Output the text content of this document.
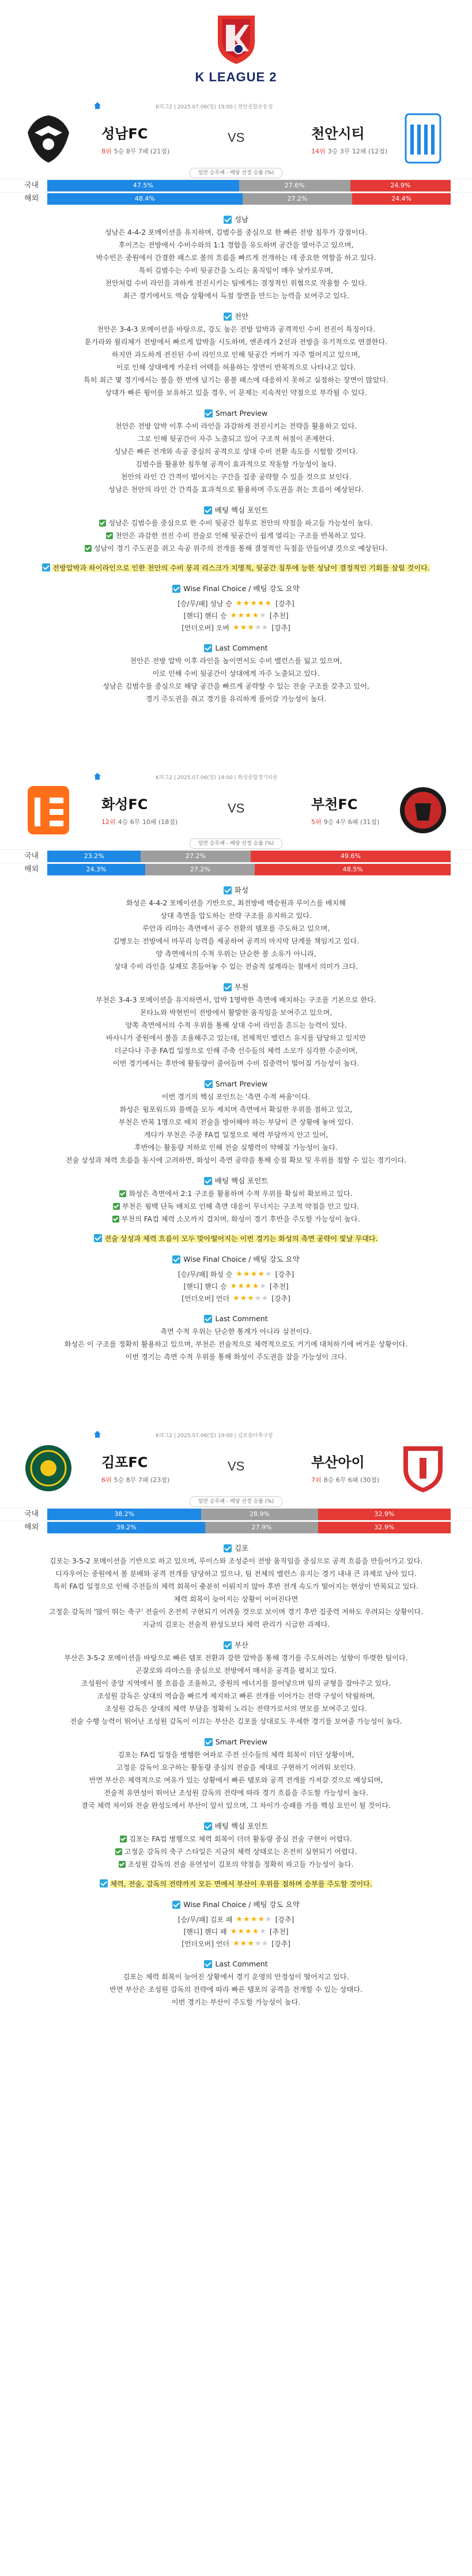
K LEAGUE 2
K리그2 | 2025.07.06(일) 19:00 | 천안종합운동장
성남FC
8위 5승 8무 7패 (21점)
VS	천안시티
14위 3승 3무 12패 (12점)
일반 승무패 - 배당 산정 승률 (%)
국내	47.5%	27.6%	24.9%
해외	48.4%	27.2%	24.4%
성남

성남은 4-4-2 포메이션을 유지하며, 김범수를 중심으로 한 빠른 전방 침투가 강점이다.

후이즈는 전방에서 수비수와의 1:1 경합을 유도하며 공간을 열어주고 있으며,

박수빈은 중원에서 간결한 패스로 볼의 흐름을 빠르게 전개하는 데 중요한 역할을 하고 있다.

특히 김범수는 수비 뒷공간을 노리는 움직임이 매우 날카로우며,

천안처럼 수비 라인을 과하게 전진시키는 팀에게는 결정적인 위협으로 작용할 수 있다.

최근 경기에서도 역습 상황에서 득점 장면을 만드는 능력을 보여주고 있다.

천안

천안은 3-4-3 포메이션을 바탕으로, 강도 높은 전방 압박과 공격적인 수비 전진이 특징이다.

툰가라와 윌리체가 전방에서 빠르게 압박을 시도하며, 엔존레가 2선과 전방을 유기적으로 연결한다.

하지만 과도하게 전진된 수비 라인으로 인해 뒷공간 커버가 자주 벌어지고 있으며,

이로 인해 상대에게 카운터 어택을 허용하는 장면이 반복적으로 나타나고 있다.

특히 최근 몇 경기에서는 볼을 한 번에 넘기는 롱볼 패스에 대응하지 못하고 실점하는 장면이 많았다.

상대가 빠른 윙어를 보유하고 있을 경우, 이 문제는 지속적인 약점으로 부각될 수 있다.

Smart Preview

천안은 전방 압박 이후 수비 라인을 과감하게 전진시키는 전략을 활용하고 있다.

그로 인해 뒷공간이 자주 노출되고 있어 구조적 허점이 존재한다.

성남은 빠른 전개와 속공 중심의 공격으로 상대 수비 전환 속도를 시험할 것이다.

김범수를 활용한 침투형 공격이 효과적으로 작동할 가능성이 높다.

천안의 라인 간 간격이 벌어지는 구간을 집중 공략할 수 있을 것으로 보인다.

성남은 천안의 라인 간 간격을 효과적으로 활용하며 주도권을 쥐는 흐름이 예상된다.

배팅 핵심 포인트

성남은 김범수를 중심으로 한 수비 뒷공간 침투로 천안의 약점을 파고들 가능성이 높다.

천안은 과감한 전진 수비 전술로 인해 뒷공간이 쉽게 열리는 구조를 반복하고 있다.

성남이 경기 주도권을 쥐고 속공 위주의 전개를 통해 결정적인 득점을 만들어낼 것으로 예상된다.

전방압박과 하이라인으로 인한 천안의 수비 붕괴 리스크가 치명적, 뒷공간 침투에 능한 성남이 결정적인 기회를 살릴 것이다.
Wise Final Choice / 배팅 강도 요약
[승/무/패] 성남 승 ★★★★★ [강추]
[핸디] 핸디 승 ★★★★★ [추천]
[언더오버] 오버 ★★★★★ [강추]
Last Comment

천안은 전방 압박 이후 라인을 높이면서도 수비 밸런스를 잃고 있으며,

이로 인해 수비 뒷공간이 상대에게 자주 노출되고 있다.

성남은 김범수를 중심으로 해당 공간을 빠르게 공략할 수 있는 전술 구조를 갖추고 있어,

경기 주도권을 쥐고 경기를 유리하게 풀어갈 가능성이 높다.

K리그2 | 2025.07.06(일) 19:00 | 화성종합경기타운
화성FC
12위 4승 6무 10패 (18점)
VS	부천FC
5위 9승 4무 6패 (31점)
일반 승무패 - 배당 산정 승률 (%)
국내	23.2%	27.2%	49.6%
해외	24.3%	27.2%	48.5%
화성

화성은 4-4-2 포메이션을 기반으로, 최전방에 백승원과 루이스를 배치해

상대 측면을 압도하는 전략 구조를 유지하고 있다.

루안과 리마는 측면에서 공수 전환의 템포를 주도하고 있으며,

김병오는 전방에서 마무리 능력을 제공하여 공격의 마지막 단계를 책임지고 있다.

양 측면에서의 수적 우위는 단순한 볼 소유가 아니라,

상대 수비 라인을 실제로 흔들어놓 수 있는 전술적 설계라는 점에서 의미가 크다.

부천

부천은 3-4-3 포메이션을 유지하면서, 압박 1명박한 측면에 배치하는 구조를 기본으로 한다.

몬타뇨와 박현빈이 전방에서 활발한 움직임을 보여주고 있으며,

양쪽 측면에서의 수적 우위를 통해 상대 수비 라인을 흔드는 능력이 있다.

바사니가 중원에서 볼을 조율해주고 있는데, 전체적인 밸런스 유지를 담당하고 있지만

더군다나 주중 FA컵 일정으로 인해 주축 선수들의 체력 소모가 심각한 수준이며,

이번 경기에서는 후반에 활동량이 줄어들며 수비 집중력이 떨어질 가능성이 높다.

Smart Preview

이번 경기의 핵심 포인트는 '측면 수적 싸움'이다.

화성은 윙포워드와 풀백을 모두 제치며 측면에서 확실한 우위를 점하고 있고,

부천은 반복 1명으로 배치 전술을 방어해야 하는 부담이 큰 상황에 놓여 있다.

게다가 부천은 주중 FA컵 일정으로 체력 부담까지 안고 있어,

후반에는 활동량 저하로 인해 전술 실행력이 약해질 가능성이 높다.

전술 상성과 체력 흐름을 동시에 고려하면, 화성이 측면 공략을 통해 승점 확보 및 우위를 점할 수 있는 경기이다.

배팅 핵심 포인트

화성은 측면에서 2:1 구조를 활용하며 수적 우위를 확실히 확보하고 있다.

부천은 윙백 단독 배치로 인해 측면 대응이 무너지는 구조적 약점을 안고 있다.

부천의 FA컵 체력 소모까지 겹치며, 화성이 경기 후반을 주도할 가능성이 높다.

전술 상성과 체력 흐름이 모두 맞아떨어지는 이번 경기는 화성의 측면 공략이 빛날 무대다.
Wise Final Choice / 배팅 강도 요약
[승/무/패] 화성 승 ★★★★★ [강추]
[핸디] 핸디 승 ★★★★★ [추천]
[언더오버] 언더 ★★★★★ [강추]
Last Comment

측면 수적 우위는 단순한 통계가 아니라 실전이다.

화성은 이 구조를 정확히 활용하고 있으며, 부천은 전술적으로 체력적으로도 거기에 대처하기에 버거운 상황이다.

이번 경기는 측면 수적 우위를 통해 화성이 주도권을 잡을 가능성이 크다.

K리그2 | 2025.07.06(일) 19:00 | 김포솔터축구장
김포FC
6위 5승 8무 7패 (23점)
VS	부산아이
7위 8승 6무 6패 (30점)
일반 승무패 - 배당 산정 승률 (%)
국내	38.2%	28.9%	32.9%
해외	39.2%	27.9%	32.9%
김포

김포는 3-5-2 포메이션을 기반으로 하고 있으며, 루이스와 조성준이 전방 움직임을 중심으로 공격 흐름을 만들어가고 있다.

디자우어는 중원에서 볼 분배와 공격 전개를 담당하고 있으나, 팀 전체의 밸런스 유지는 경기 내내 큰 과제로 남아 있다.

특히 FA컵 일정으로 인해 주전들의 체력 회복이 충분히 이뤄지지 않아 후반 전개 속도가 떨어지는 현상이 반복되고 있다.

체력 회복이 늦어지는 상황이 이어진다면

고정운 감독의 '많이 뛰는 축구' 전술이 온전히 구현되기 어려울 것으로 보이며 경기 후반 집중력 저하도 우려되는 상황이다.

지금의 김포는 전술적 완성도보다 체력 관리가 시급한 과제다.

부산

부산은 3-5-2 포메이션을 바탕으로 빠른 템포 전환과 강한 압박을 통해 경기를 주도하려는 성향이 뚜렷한 팀이다.

곤잘로와 라마스를 중심으로 전방에서 매서운 공격을 펼치고 있다.

조성원이 중앙 지역에서 볼 흐름을 조율하고, 중원의 에너지를 불어넣으며 팀의 균형을 잡아주고 있다.

조성원 감독은 상대의 역습을 빠르게 제지하고 빠른 전개를 이어가는 전략 구성이 탁월하며,

조성원 감독은 상대의 체력 부담을 정확히 노리는 전략가로서의 면모를 보여주고 있다.

전술 수행 능력이 뛰어난 조성원 감독이 이끄는 부산은 김포를 상대로도 우세한 경기를 보여줄 가능성이 높다.

Smart Preview

김포는 FA컵 일정을 병행한 여파로 주전 선수들의 체력 회복이 더딘 상황이며,

고정운 감독이 요구하는 활동량 중심의 전술을 제대로 구현하기 어려워 보인다.

반면 부산은 체력적으로 여유가 있는 상황에서 빠른 템포와 공격 전개를 가져갈 것으로 예상되며,

전술적 유연성이 뛰어난 조성원 감독의 전략에 따라 경기 흐름을 주도할 가능성이 높다.

결국 체력 차이와 전술 완성도에서 부산이 앞서 있으며, 그 차이가 승패를 가를 핵심 요인이 될 것이다.

배팅 핵심 포인트

김포는 FA컵 병행으로 체력 회복이 더뎌 활동량 중심 전술 구현이 어렵다.

고정운 감독의 축구 스타일은 지금의 체력 상태로는 온전히 실현되기 어렵다.

조성원 감독의 전술 유연성이 김포의 약점을 정확히 파고들 가능성이 높다.

체력, 전술, 감독의 전략까지 모든 면에서 부산이 우위를 점하며 승부를 주도할 것이다.
Wise Final Choice / 배팅 강도 요약
[승/무/패] 김포 패 ★★★★★ [강추]
[핸디] 핸디 패 ★★★★★ [추천]
[언더오버] 언더 ★★★★★ [강추]
Last Comment

김포는 체력 회복이 늦어진 상황에서 경기 운영의 안정성이 떨어지고 있다.

반면 부산은 조성원 감독의 전략에 따라 빠른 템포의 공격을 전개할 수 있는 상태다.

이번 경기는 부산이 주도할 가능성이 높다.
